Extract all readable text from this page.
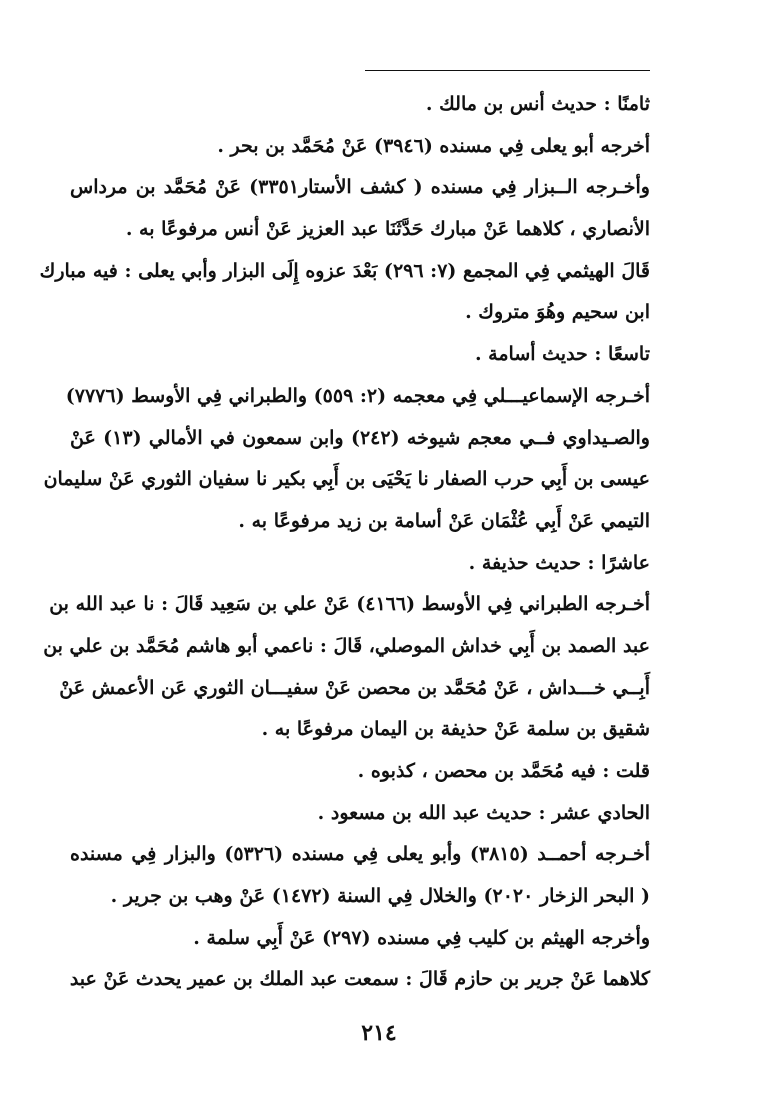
ثامنًا : حديث أنس بن مالك .
أخرجه أبو يعلى فِي مسنده (٣٩٤٦) عَنْ مُحَمَّد بن بحر .
وأخـرجه الــبزار فِي مسنده ( كشف الأستار٣٣٥١) عَنْ مُحَمَّد بن مرداس
الأنصاري ، كلاهما عَنْ مبارك حَدَّثَنَا عبد العزيز عَنْ أنس مرفوعًا به .
قَالَ الهيثمي فِي المجمع (٧: ٢٩٦) بَعْدَ عزوه إِلَى البزار وأبي يعلى : فيه مبارك
ابن سحيم وهُوَ متروك .
تاسعًا : حديث أسامة .
أخـرجه الإسماعيـــلي فِي معجمه (٢: ٥٥٩) والطبراني فِي الأوسط (٧٧٧٦)
والصـيداوي فــي معجم شيوخه (٢٤٢) وابن سمعون في الأمالي (١٣) عَنْ
عيسى بن أَبِي حرب الصفار نا يَحْيَى بن أَبِي بكير نا سفيان الثوري عَنْ سليمان
التيمي عَنْ أَبِي عُثْمَان عَنْ أسامة بن زيد مرفوعًا به .
عاشرًا : حديث حذيفة .
أخـرجه الطبراني فِي الأوسط (٤١٦٦) عَنْ علي بن سَعِيد قَالَ : نا عبد الله بن
عبد الصمد بن أَبِي خداش الموصلي، قَالَ : ناعمي أبو هاشم مُحَمَّد بن علي بن
أَبِــي خـــداش ، عَنْ مُحَمَّد بن محصن عَنْ سفيـــان الثوري عَن الأعمش عَنْ
شقيق بن سلمة عَنْ حذيفة بن اليمان مرفوعًا به .
قلت : فيه مُحَمَّد بن محصن ، كذبوه .
الحادي عشر : حديث عبد الله بن مسعود .
أخـرجه أحمــد (٣٨١٥) وأبو يعلى فِي مسنده (٥٣٢٦) والبزار فِي مسنده
( البحر الزخار ٢٠٢٠) والخلال فِي السنة (١٤٧٢) عَنْ وهب بن جرير .
وأخرجه الهيثم بن كليب فِي مسنده (٢٩٧) عَنْ أَبِي سلمة .
كلاهما عَنْ جرير بن حازم قَالَ : سمعت عبد الملك بن عمير يحدث عَنْ عبد
٢١٤
